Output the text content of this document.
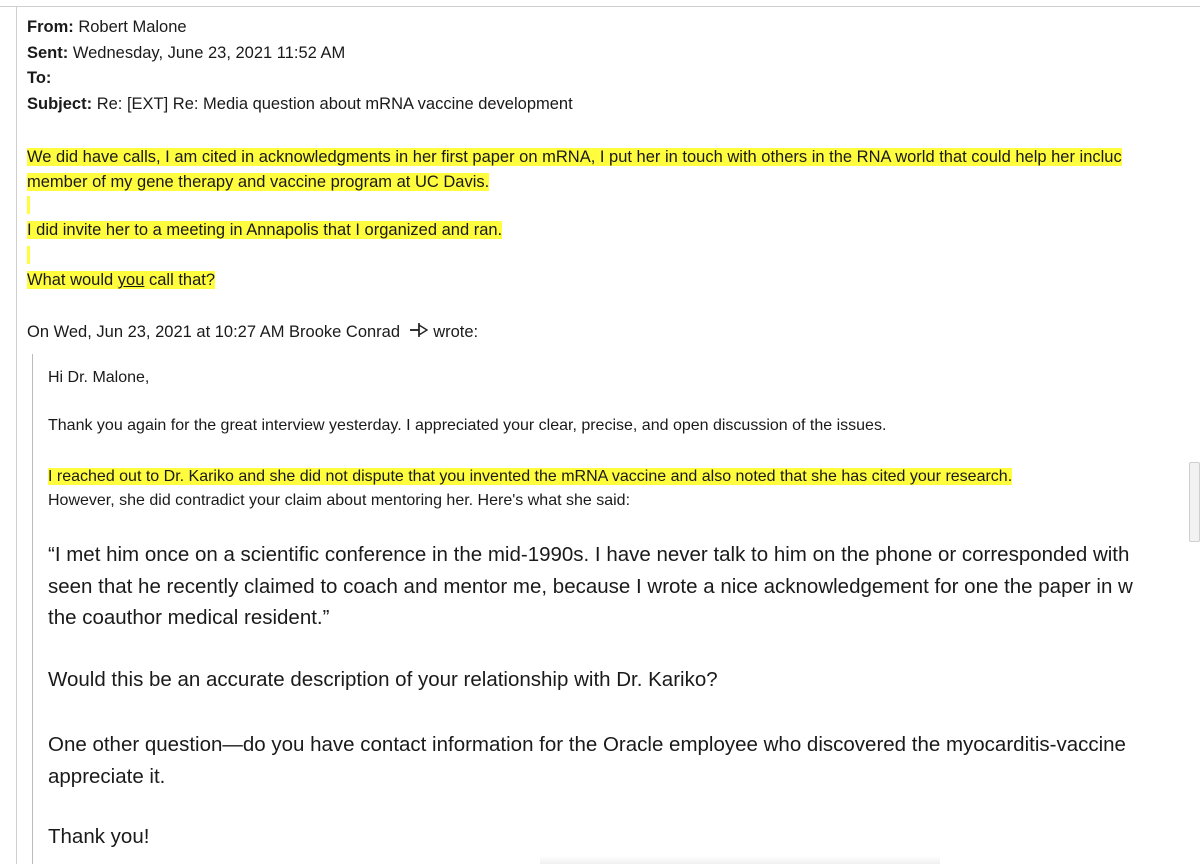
From: Robert Malone
Sent: Wednesday, June 23, 2021 11:52 AM
To:
Subject: Re: [EXT] Re: Media question about mRNA vaccine development
We did have calls, I am cited in acknowledgments in her first paper on mRNA, I put her in touch with others in the RNA world that could help her incluc
member of my gene therapy and vaccine program at UC Davis.
I did invite her to a meeting in Annapolis that I organized and ran.
What would you call that?
On Wed, Jun 23, 2021 at 10:27 AM Brooke Conrad wrote:
Hi Dr. Malone,
Thank you again for the great interview yesterday. I appreciated your clear, precise, and open discussion of the issues.
I reached out to Dr. Kariko and she did not dispute that you invented the mRNA vaccine and also noted that she has cited your research.
However, she did contradict your claim about mentoring her. Here's what she said:
“I met him once on a scientific conference in the mid-1990s. I have never talk to him on the phone or corresponded with
seen that he recently claimed to coach and mentor me, because I wrote a nice acknowledgement for one the paper in w
the coauthor medical resident.”
Would this be an accurate description of your relationship with Dr. Kariko?
One other question—do you have contact information for the Oracle employee who discovered the myocarditis-vaccine
appreciate it.
Thank you!
